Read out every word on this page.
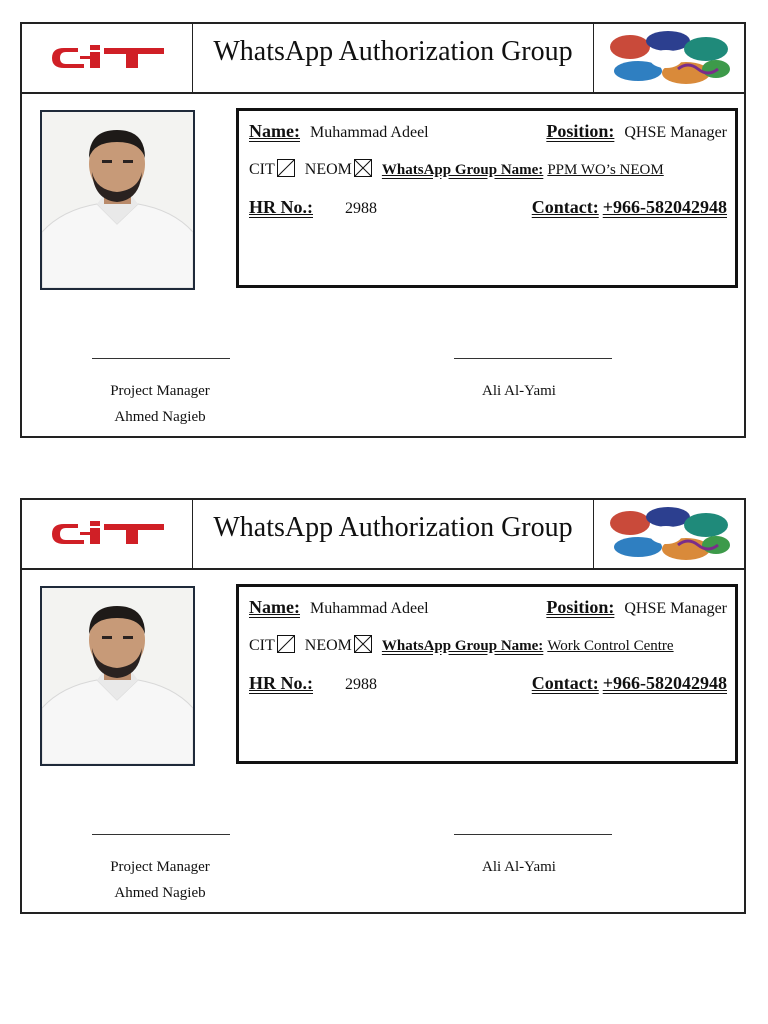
WhatsApp Authorization Group
Name: Muhammad Adeel	Position: QHSE Manager
CIT NEOM WhatsApp Group Name: PPM WO’s NEOM
HR No.: 2988	Contact: +966-582042948
Project Manager
Ahmed Nagieb
Ali Al-Yami
WhatsApp Authorization Group
Name: Muhammad Adeel	Position: QHSE Manager
CIT NEOM WhatsApp Group Name: Work Control Centre
HR No.: 2988	Contact: +966-582042948
Project Manager
Ahmed Nagieb
Ali Al-Yami
